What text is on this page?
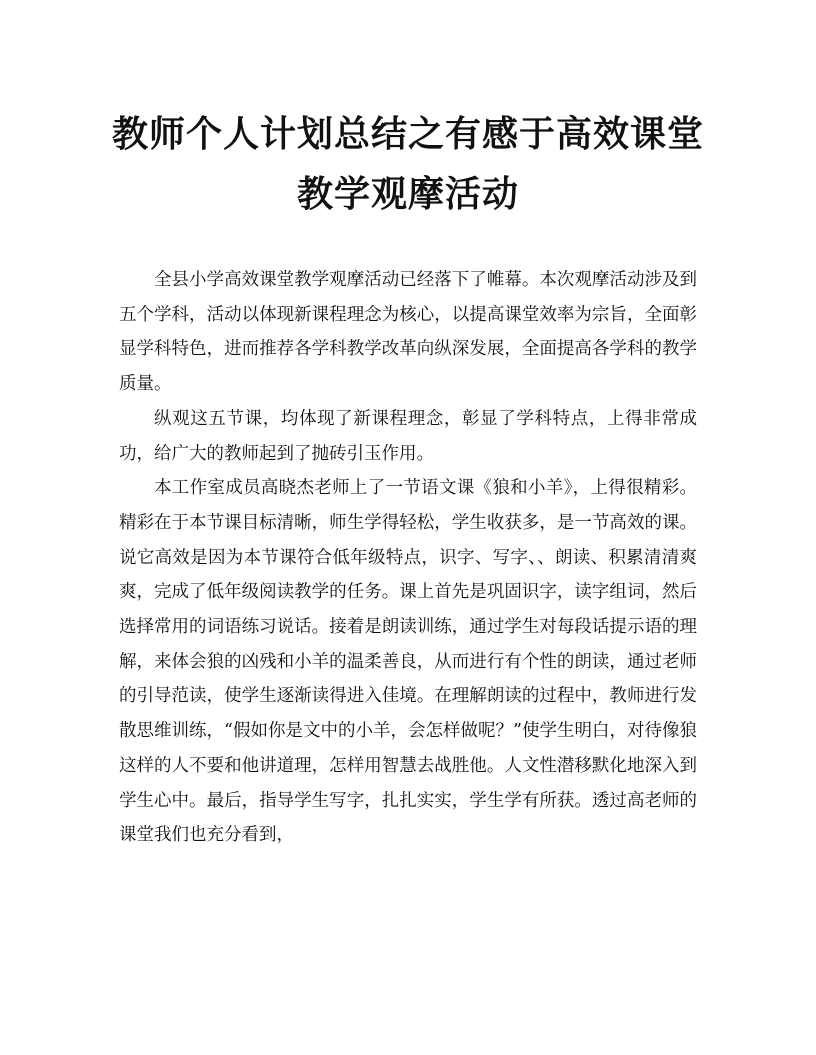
教师个人计划总结之有感于高效课堂
教学观摩活动

全县小学高效课堂教学观摩活动已经落下了帷幕。本次观摩活动涉及到五个学科，活动以体现新课程理念为核心，以提高课堂效率为宗旨，全面彰显学科特色，进而推荐各学科教学改革向纵深发展，全面提高各学科的教学质量。

纵观这五节课，均体现了新课程理念，彰显了学科特点，上得非常成功，给广大的教师起到了抛砖引玉作用。

本工作室成员高晓杰老师上了一节语文课《狼和小羊》，上得很精彩。精彩在于本节课目标清晰，师生学得轻松，学生收获多，是一节高效的课。说它高效是因为本节课符合低年级特点，识字、写字、、朗读、积累清清爽爽，完成了低年级阅读教学的任务。课上首先是巩固识字，读字组词，然后选择常用的词语练习说话。接着是朗读训练，通过学生对每段话提示语的理解，来体会狼的凶残和小羊的温柔善良，从而进行有个性的朗读，通过老师的引导范读，使学生逐渐读得进入佳境。在理解朗读的过程中，教师进行发散思维训练，“假如你是文中的小羊，会怎样做呢？”使学生明白，对待像狼这样的人不要和他讲道理，怎样用智慧去战胜他。人文性潜移默化地深入到学生心中。最后，指导学生写字，扎扎实实，学生学有所获。透过高老师的课堂我们也充分看到，
